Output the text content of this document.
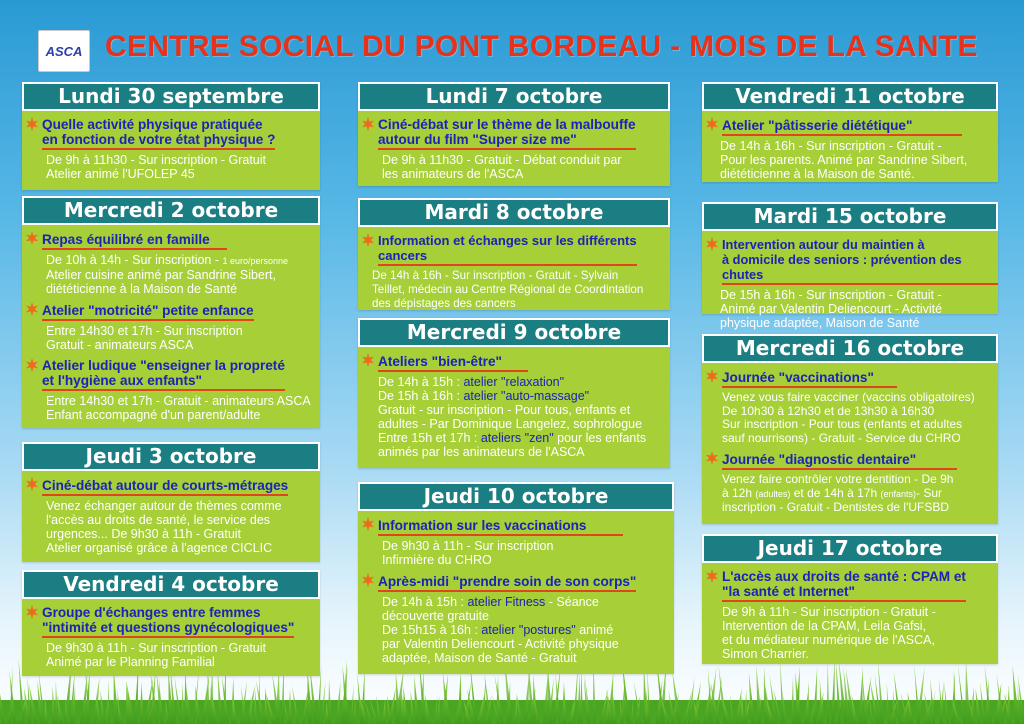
ASCA CENTRE SOCIAL DU PONT BORDEAU - MOIS DE LA SANTE
Lundi 30 septembre
Quelle activité physique pratiquée
en fonction de votre état physique ?
De 9h à 11h30 - Sur inscription - Gratuit
Atelier animé l'UFOLEP 45
Mercredi 2 octobre
Repas équilibré en famille
De 10h à 14h - Sur inscription - 1 euro/personne
Atelier cuisine animé par Sandrine Sibert,
diététicienne à la Maison de Santé
Atelier "motricité" petite enfance
Entre 14h30 et 17h - Sur inscription
Gratuit - animateurs ASCA
Atelier ludique "enseigner la propreté
et l'hygiène aux enfants"
Entre 14h30 et 17h - Gratuit - animateurs ASCA
Enfant accompagné d'un parent/adulte
Jeudi 3 octobre
Ciné-débat autour de courts-métrages
Venez échanger autour de thèmes comme
l'accès au droits de santé, le service des
urgences... De 9h30 à 11h - Gratuit
Atelier organisé grâce à l'agence CICLIC
Vendredi 4 octobre
Groupe d'échanges entre femmes
"intimité et questions gynécologiques"
De 9h30 à 11h - Sur inscription - Gratuit
Animé par le Planning Familial
Lundi 7 octobre
Ciné-débat sur le thème de la malbouffe
autour du film "Super size me"
De 9h à 11h30 - Gratuit - Débat conduit par
les animateurs de l'ASCA
Mardi 8 octobre
Information et échanges sur les différents
cancers
De 14h à 16h - Sur inscription - Gratuit - Sylvain
Teillet, médecin au Centre Régional de Coordintation
des dépistages des cancers
Mercredi 9 octobre
Ateliers "bien-être"
De 14h à 15h : atelier "relaxation"
De 15h à 16h : atelier "auto-massage"
Gratuit - sur inscription - Pour tous, enfants et
adultes - Par Dominique Langelez, sophrologue
Entre 15h et 17h : ateliers "zen" pour les enfants
animés par les animateurs de l'ASCA
Jeudi 10 octobre
Information sur les vaccinations
De 9h30 à 11h - Sur inscription
Infirmière du CHRO
Après-midi "prendre soin de son corps"
De 14h à 15h : atelier Fitness - Séance
découverte gratuite
De 15h15 à 16h : atelier "postures" animé
par Valentin Deliencourt - Activité physique
adaptée, Maison de Santé - Gratuit
Vendredi 11 octobre
Atelier "pâtisserie diététique"
De 14h à 16h - Sur inscription - Gratuit -
Pour les parents. Animé par Sandrine Sibert,
diététicienne à la Maison de Santé.
Mardi 15 octobre
Intervention autour du maintien à
à domicile des seniors : prévention des chutes
De 15h à 16h - Sur inscription - Gratuit -
Animé par Valentin Deliencourt - Activité
physique adaptée, Maison de Santé
Mercredi 16 octobre
Journée "vaccinations"
Venez vous faire vacciner (vaccins obligatoires)
De 10h30 à 12h30 et de 13h30 à 16h30
Sur inscription - Pour tous (enfants et adultes
sauf nourrisons) - Gratuit - Service du CHRO
Journée "diagnostic dentaire"
Venez faire contrôler votre dentition - De 9h
à 12h (adultes) et de 14h à 17h (enfants)- Sur
inscription - Gratuit - Dentistes de l'UFSBD
Jeudi 17 octobre
L'accès aux droits de santé : CPAM et
"la santé et Internet"
De 9h à 11h - Sur inscription - Gratuit -
Intervention de la CPAM, Leila Gafsi,
et du médiateur numérique de l'ASCA,
Simon Charrier.
